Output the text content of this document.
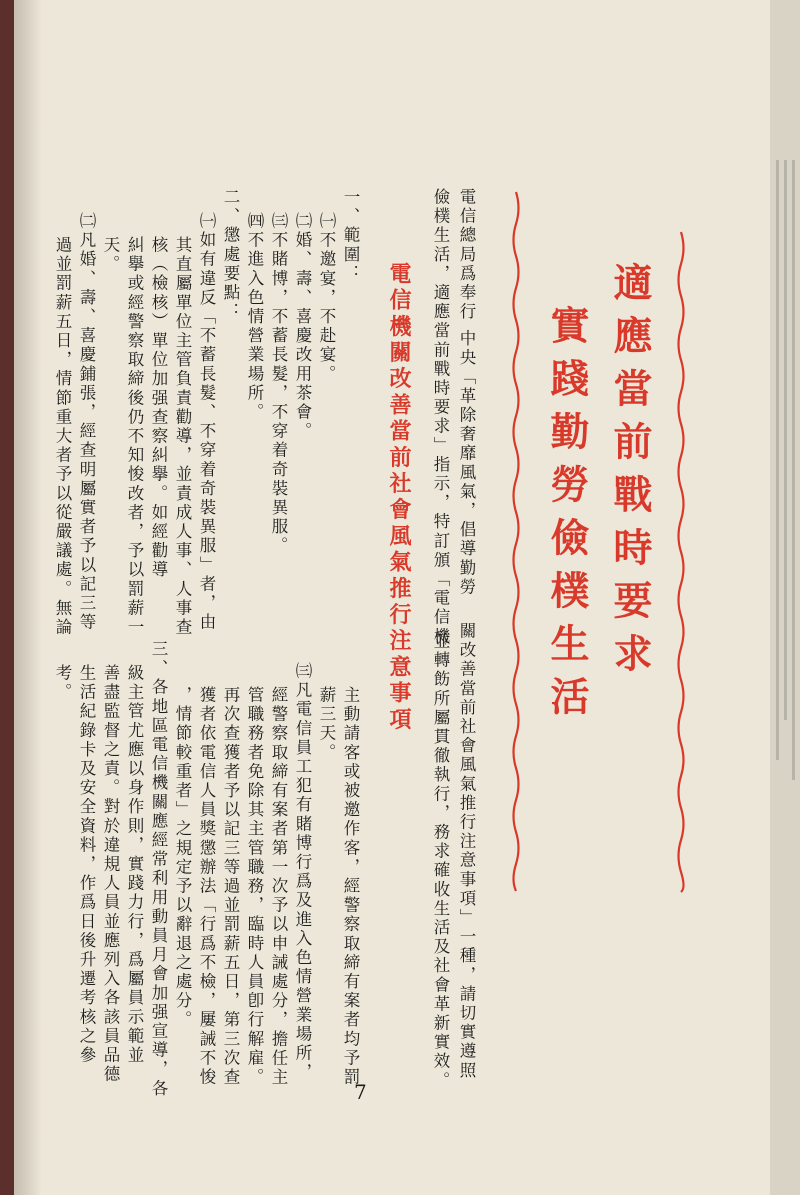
適應當前戰時要求
實踐勤勞儉樸生活
電信總局爲奉行 中央「革除奢靡風氣，倡導勤勞
儉樸生活，適應當前戰時要求」指示，特訂頒「電信機
關改善當前社會風氣推行注意事項」一種，請切實遵照
並轉飭所屬貫徹執行，務求確收生活及社會革新實效。
電信機關改善當前社會風氣推行注意事項
一、範圍：
㈠不邀宴，不赴宴。
㈡婚、壽、喜慶改用茶會。
㈢不賭博，不蓄長髮，不穿着奇裝異服。
㈣不進入色情營業場所。
二、懲處要點：
㈠如有違反「不蓄長髮、不穿着奇裝異服」者，由
其直屬單位主管負責勸導，並責成人事、人事查
核（檢核）單位加强查察糾擧。如經勸導
糾擧或經警察取締後仍不知悛改者，予以罰薪一
天。
㈡凡婚、壽、喜慶鋪張，經查明屬實者予以記三等
過並罰薪五日，情節重大者予以從嚴議處。無論
主動請客或被邀作客，經警察取締有案者均予罰
薪三天。
㈢凡電信員工犯有賭博行爲及進入色情營業場所，
經警察取締有案者第一次予以申誡處分，擔任主
管職務者免除其主管職務，臨時人員卽行解雇。
再次查獲者予以記三等過並罰薪五日，第三次查
獲者依電信人員獎懲辦法「行爲不檢，屢誡不悛
，情節較重者」之規定予以辭退之處分。
三、各地區電信機關應經常利用動員月會加强宣導，各
級主管尤應以身作則，實踐力行，爲屬員示範並
善盡監督之責。對於違規人員並應列入各該員品德
生活紀錄卡及安全資料，作爲日後升遷考核之參
考。
7
